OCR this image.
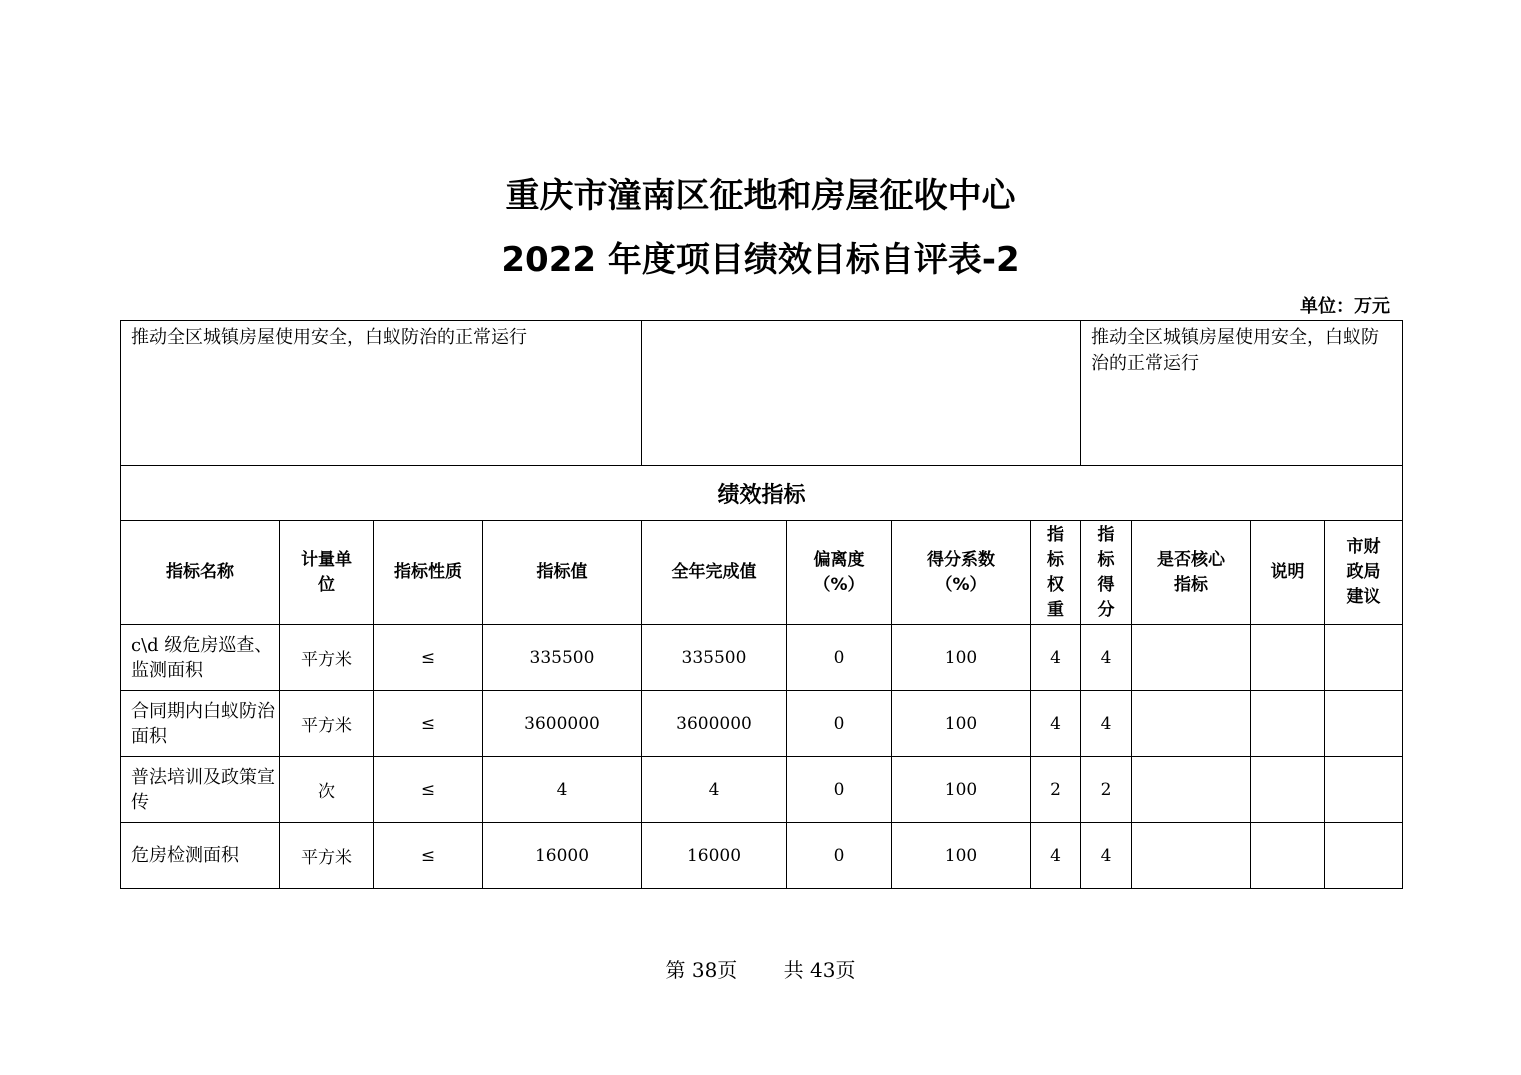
重庆市潼南区征地和房屋征收中心
2022 年度项目绩效目标自评表-2
单位：万元
推动全区城镇房屋使用安全，白蚁防治的正常运行								推动全区城镇房屋使用安全，白蚁防治的正常运行			
绩效指标											
指标名称	计量单位	指标性质	指标值	全年完成值	偏离度（%）	得分系数（%）	指标权重	指标得分	是否核心指标	说明	市财政局建议
c\d 级危房巡查、监测面积	平方米	≤	335500	335500	0	100	4	4			
合同期内白蚁防治面积	平方米	≤	3600000	3600000	0	100	4	4			
普法培训及政策宣传	次	≤	4	4	0	100	2	2			
危房检测面积	平方米	≤	16000	16000	0	100	4	4			
第 38页 共 43页
